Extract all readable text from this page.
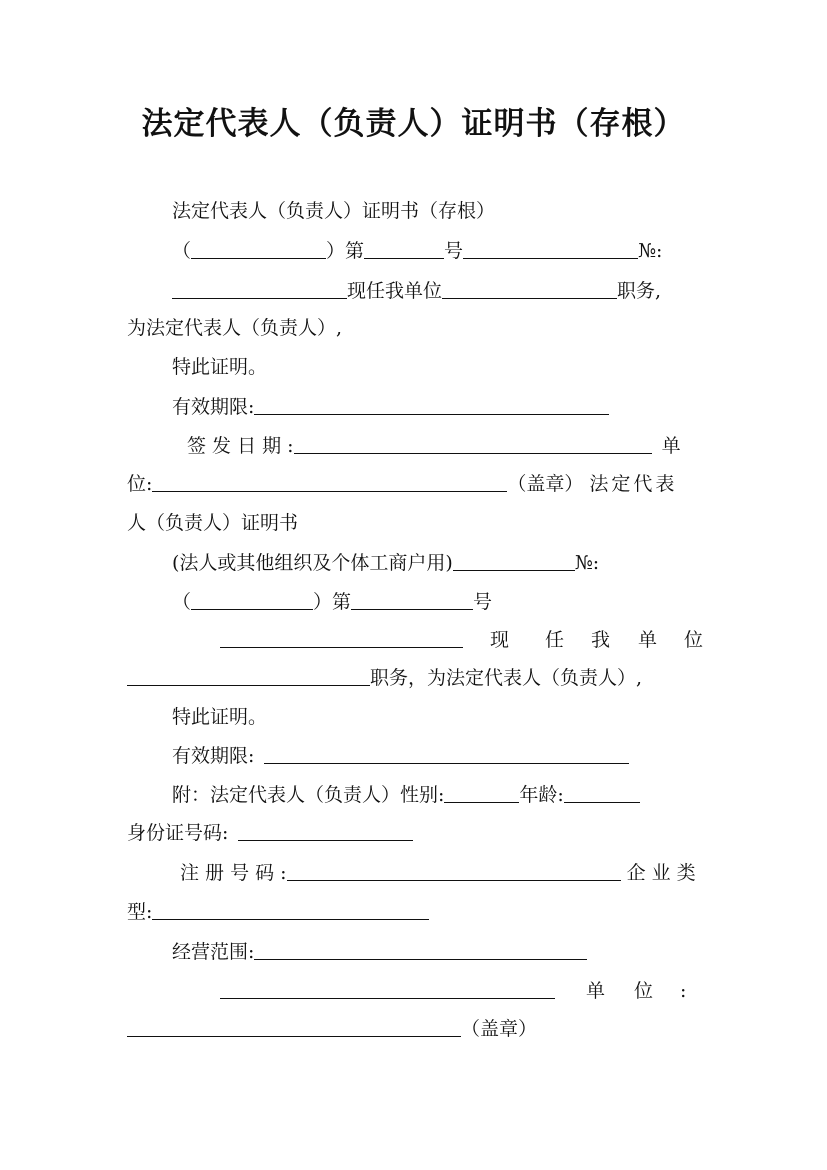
法定代表人（负责人）证明书（存根）
法定代表人（负责人）证明书（存根）
（	）第	号	№:
现任我单位	职务,
为法定代表人（负责人）,
特此证明。
有效期限:
签 发 日 期 :	单
位:	（盖章） 法定代表
人（负责人）证明书
(法人或其他组织及个体工商户用)	№:
（	）第	号
现 任 我 单 位
职务，为法定代表人（负责人）,
特此证明。
有效期限:
附：法定代表人（负责人）性别:	年龄:
身份证号码:
注 册 号 码 :	企 业 类
型:
经营范围:
单 位 :
（盖章）
